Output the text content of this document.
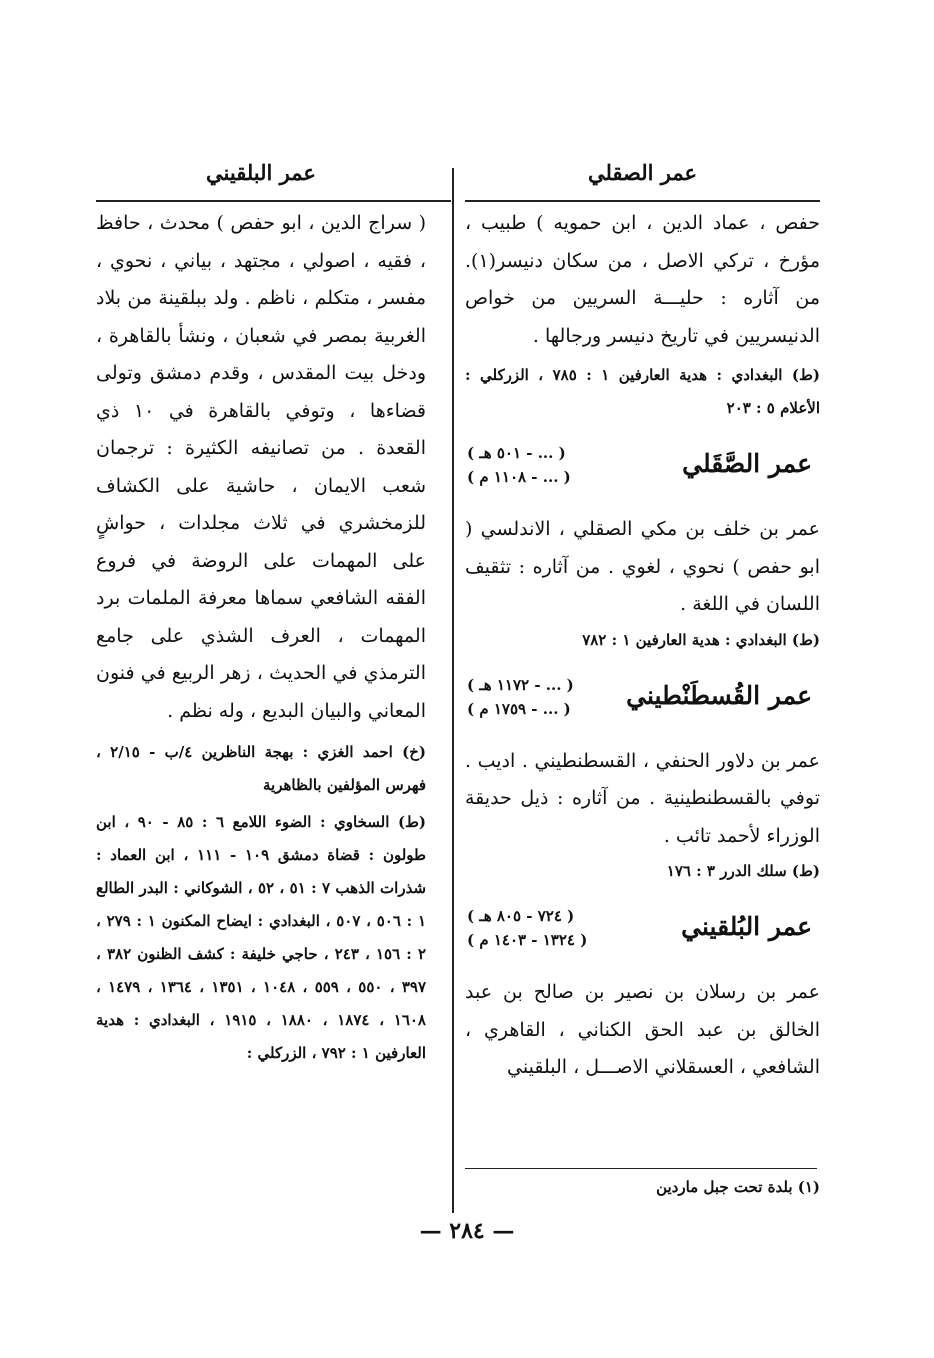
عمر الصقلي
عمر البلقيني

حفص ، عماد الدين ، ابن حمويه ) طبيب ، مؤرخ ، تركي الاصل ، من سكان دنيسر(١). من آثاره : حليـــة السريين من خواص الدنيسريين في تاريخ دنيسر ورجالها .

(ط) البغدادي : هدية العارفين ١ : ٧٨٥ ، الزركلي : الأعلام ٥ : ٢٠٣

عمر الصَّقَلي
( ... - ٥٠١ هـ )
( ... - ١١٠٨ م )

عمر بن خلف بن مكي الصقلي ، الاندلسي ( ابو حفص ) نحوي ، لغوي . من آثاره : تثقيف اللسان في اللغة .

(ط) البغدادي : هدية العارفين ١ : ٧٨٢

عمر القُسطَنْطيني
( ... - ١١٧٢ هـ )
( ... - ١٧٥٩ م )

عمر بن دلاور الحنفي ، القسطنطيني . اديب . توفي بالقسطنطينية . من آثاره : ذيل حديقة الوزراء لأحمد تائب .

(ط) سلك الدرر ٣ : ١٧٦

عمر البُلقيني
( ٧٢٤ - ٨٠٥ هـ )
( ١٣٢٤ - ١٤٠٣ م )

عمر بن رسلان بن نصير بن صالح بن عبد الخالق بن عبد الحق الكناني ، القاهري ، الشافعي ، العسقلاني الاصـــل ، البلقيني

( سراج الدين ، ابو حفص ) محدث ، حافظ ، فقيه ، اصولي ، مجتهد ، بياني ، نحوي ، مفسر ، متكلم ، ناظم . ولد ببلقينة من بلاد الغربية بمصر في شعبان ، ونشأ بالقاهرة ، ودخل بيت المقدس ، وقدم دمشق وتولى قضاءها ، وتوفي بالقاهرة في ١٠ ذي القعدة . من تصانيفه الكثيرة : ترجمان شعب الايمان ، حاشية على الكشاف للزمخشري في ثلاث مجلدات ، حواشٍ على المهمات على الروضة في فروع الفقه الشافعي سماها معرفة الملمات برد المهمات ، العرف الشذي على جامع الترمذي في الحديث ، زهر الربيع في فنون المعاني والبيان البديع ، وله نظم .

(خ) احمد الغزي : بهجة الناظرين ٤/ب - ٢/١٥ ، فهرس المؤلفين بالظاهرية

(ط) السخاوي : الضوء اللامع ٦ : ٨٥ - ٩٠ ، ابن طولون : قضاة دمشق ١٠٩ - ١١١ ، ابن العماد : شذرات الذهب ٧ : ٥١ ، ٥٢ ، الشوكاني : البدر الطالع ١ : ٥٠٦ ، ٥٠٧ ، البغدادي : ايضاح المكنون ١ : ٢٧٩ ، ٢ : ١٥٦ ، ٢٤٣ ، حاجي خليفة : كشف الظنون ٣٨٢ ، ٣٩٧ ، ٥٥٠ ، ٥٥٩ ، ١٠٤٨ ، ١٣٥١ ، ١٣٦٤ ، ١٤٧٩ ، ١٦٠٨ ، ١٨٧٤ ، ١٨٨٠ ، ١٩١٥ ، البغدادي : هدية العارفين ١ : ٧٩٢ ، الزركلي :

(١) بلدة تحت جبل ماردين
— ٢٨٤ —
